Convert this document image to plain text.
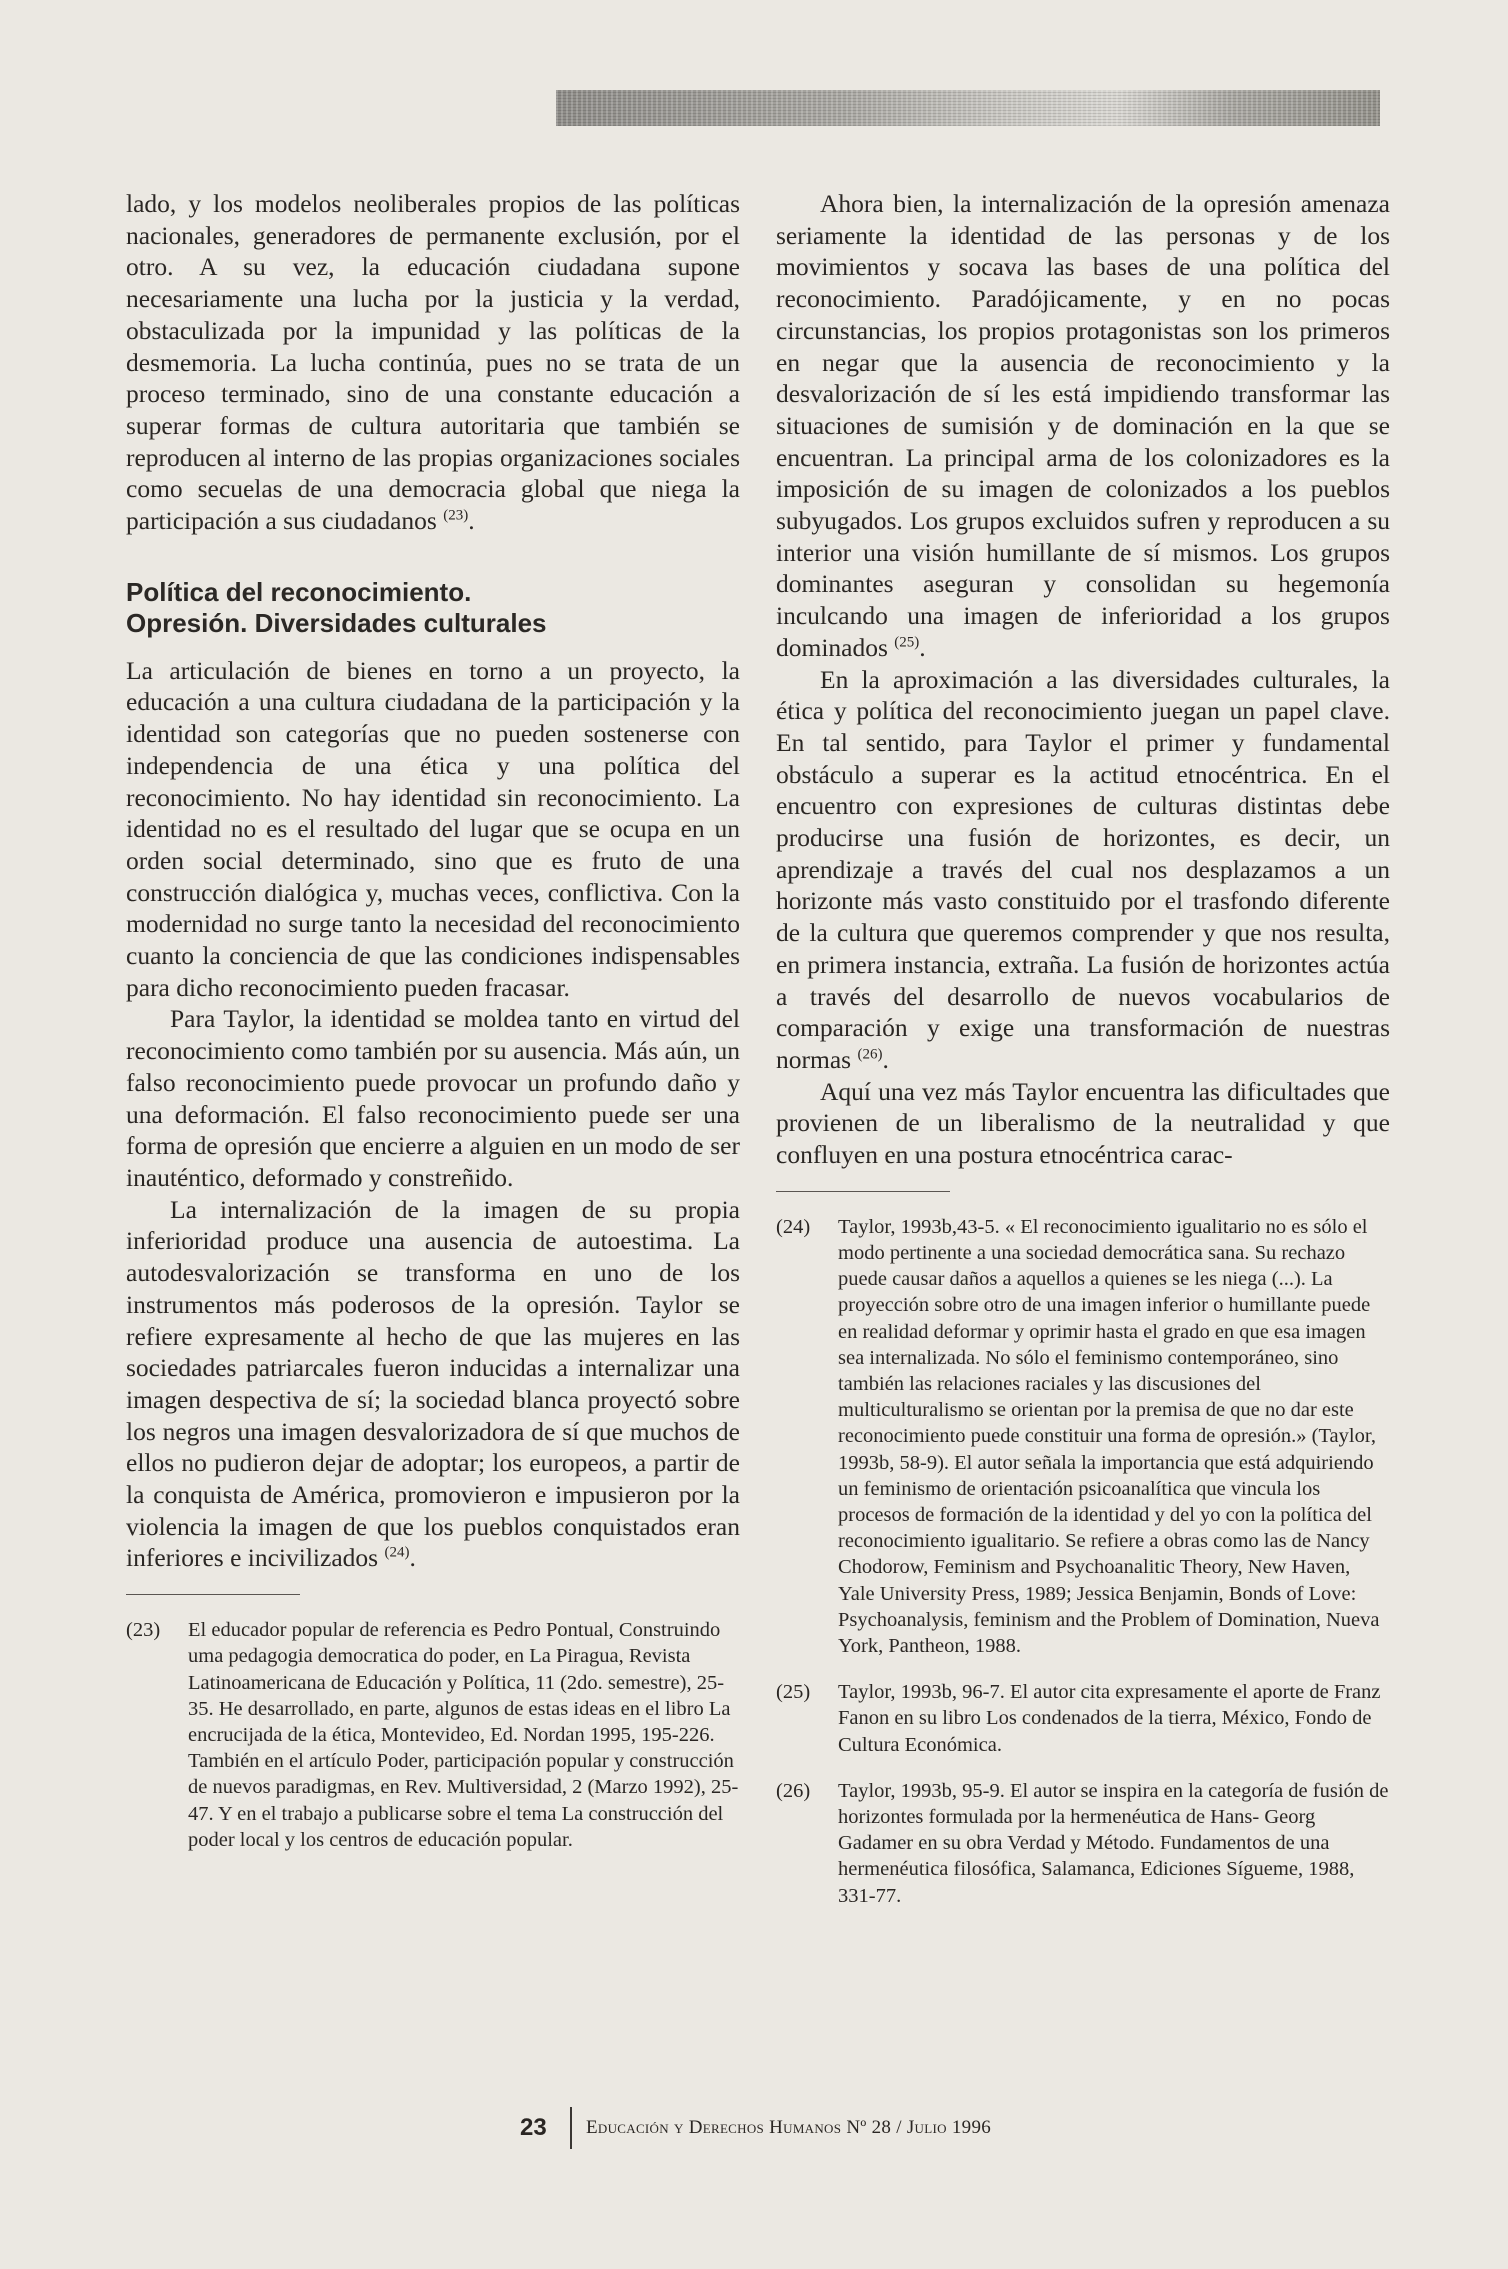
lado, y los modelos neoliberales propios de las políticas nacionales, generadores de permanente exclusión, por el otro. A su vez, la educación ciudadana supone necesariamente una lucha por la justicia y la verdad, obstaculizada por la impunidad y las políticas de la desmemoria. La lucha continúa, pues no se trata de un proceso terminado, sino de una constante educación a superar formas de cultura autoritaria que también se reproducen al interno de las propias organizaciones sociales como secuelas de una democracia global que niega la participación a sus ciudadanos $^{(23)}$.

Política del reconocimiento.
Opresión. Diversidades culturales

La articulación de bienes en torno a un proyecto, la educación a una cultura ciudadana de la participación y la identidad son categorías que no pueden sostenerse con independencia de una ética y una política del reconocimiento. No hay identidad sin reconocimiento. La identidad no es el resultado del lugar que se ocupa en un orden social determinado, sino que es fruto de una construcción dialógica y, muchas veces, conflictiva. Con la modernidad no surge tanto la necesidad del reconocimiento cuanto la conciencia de que las condiciones indispensables para dicho reconocimiento pueden fracasar.

Para Taylor, la identidad se moldea tanto en virtud del reconocimiento como también por su ausencia. Más aún, un falso reconocimiento puede provocar un profundo daño y una deformación. El falso reconocimiento puede ser una forma de opresión que encierre a alguien en un modo de ser inauténtico, deformado y constreñido.

La internalización de la imagen de su propia inferioridad produce una ausencia de autoestima. La autodesvalorización se transforma en uno de los instrumentos más poderosos de la opresión. Taylor se refiere expresamente al hecho de que las mujeres en las sociedades patriarcales fueron inducidas a internalizar una imagen despectiva de sí; la sociedad blanca proyectó sobre los negros una imagen desvalorizadora de sí que muchos de ellos no pudieron dejar de adoptar; los europeos, a partir de la conquista de América, promovieron e impusieron por la violencia la imagen de que los pueblos conquistados eran inferiores e incivilizados $^{(24)}$.

(23) El educador popular de referencia es Pedro Pontual, Construindo uma pedagogia democratica do poder, en La Piragua, Revista Latinoamericana de Educación y Política, 11 (2do. semestre), 25-35. He desarrollado, en parte, algunos de estas ideas en el libro La encrucijada de la ética, Montevideo, Ed. Nordan 1995, 195-226. También en el artículo Poder, participación popular y construcción de nuevos paradigmas, en Rev. Multiversidad, 2 (Marzo 1992), 25-47. Y en el trabajo a publicarse sobre el tema La construcción del poder local y los centros de educación popular.

Ahora bien, la internalización de la opresión amenaza seriamente la identidad de las personas y de los movimientos y socava las bases de una política del reconocimiento. Paradójicamente, y en no pocas circunstancias, los propios protagonistas son los primeros en negar que la ausencia de reconocimiento y la desvalorización de sí les está impidiendo transformar las situaciones de sumisión y de dominación en la que se encuentran. La principal arma de los colonizadores es la imposición de su imagen de colonizados a los pueblos subyugados. Los grupos excluidos sufren y reproducen a su interior una visión humillante de sí mismos. Los grupos dominantes aseguran y consolidan su hegemonía inculcando una imagen de inferioridad a los grupos dominados $^{(25)}$.

En la aproximación a las diversidades culturales, la ética y política del reconocimiento juegan un papel clave. En tal sentido, para Taylor el primer y fundamental obstáculo a superar es la actitud etnocéntrica. En el encuentro con expresiones de culturas distintas debe producirse una fusión de horizontes, es decir, un aprendizaje a través del cual nos desplazamos a un horizonte más vasto constituido por el trasfondo diferente de la cultura que queremos comprender y que nos resulta, en primera instancia, extraña. La fusión de horizontes actúa a través del desarrollo de nuevos vocabularios de comparación y exige una transformación de nuestras normas $^{(26)}$.

Aquí una vez más Taylor encuentra las dificultades que provienen de un liberalismo de la neutralidad y que confluyen en una postura etnocéntrica carac-

(24) Taylor, 1993b,43-5. « El reconocimiento igualitario no es sólo el modo pertinente a una sociedad democrática sana. Su rechazo puede causar daños a aquellos a quienes se les niega (...). La proyección sobre otro de una imagen inferior o humillante puede en realidad deformar y oprimir hasta el grado en que esa imagen sea internalizada. No sólo el feminismo contemporáneo, sino también las relaciones raciales y las discusiones del multiculturalismo se orientan por la premisa de que no dar este reconocimiento puede constituir una forma de opresión.» (Taylor, 1993b, 58-9). El autor señala la importancia que está adquiriendo un feminismo de orientación psicoanalítica que vincula los procesos de formación de la identidad y del yo con la política del reconocimiento igualitario. Se refiere a obras como las de Nancy Chodorow, Feminism and Psychoanalitic Theory, New Haven, Yale University Press, 1989; Jessica Benjamin, Bonds of Love: Psychoanalysis, feminism and the Problem of Domination, Nueva York, Pantheon, 1988.
(25) Taylor, 1993b, 96-7. El autor cita expresamente el aporte de Franz Fanon en su libro Los condenados de la tierra, México, Fondo de Cultura Económica.
(26) Taylor, 1993b, 95-9. El autor se inspira en la categoría de fusión de horizontes formulada por la hermenéutica de Hans- Georg Gadamer en su obra Verdad y Método. Fundamentos de una hermenéutica filosófica, Salamanca, Ediciones Sígueme, 1988, 331-77.
23 Educación y Derechos Humanos Nº 28 / Julio 1996
